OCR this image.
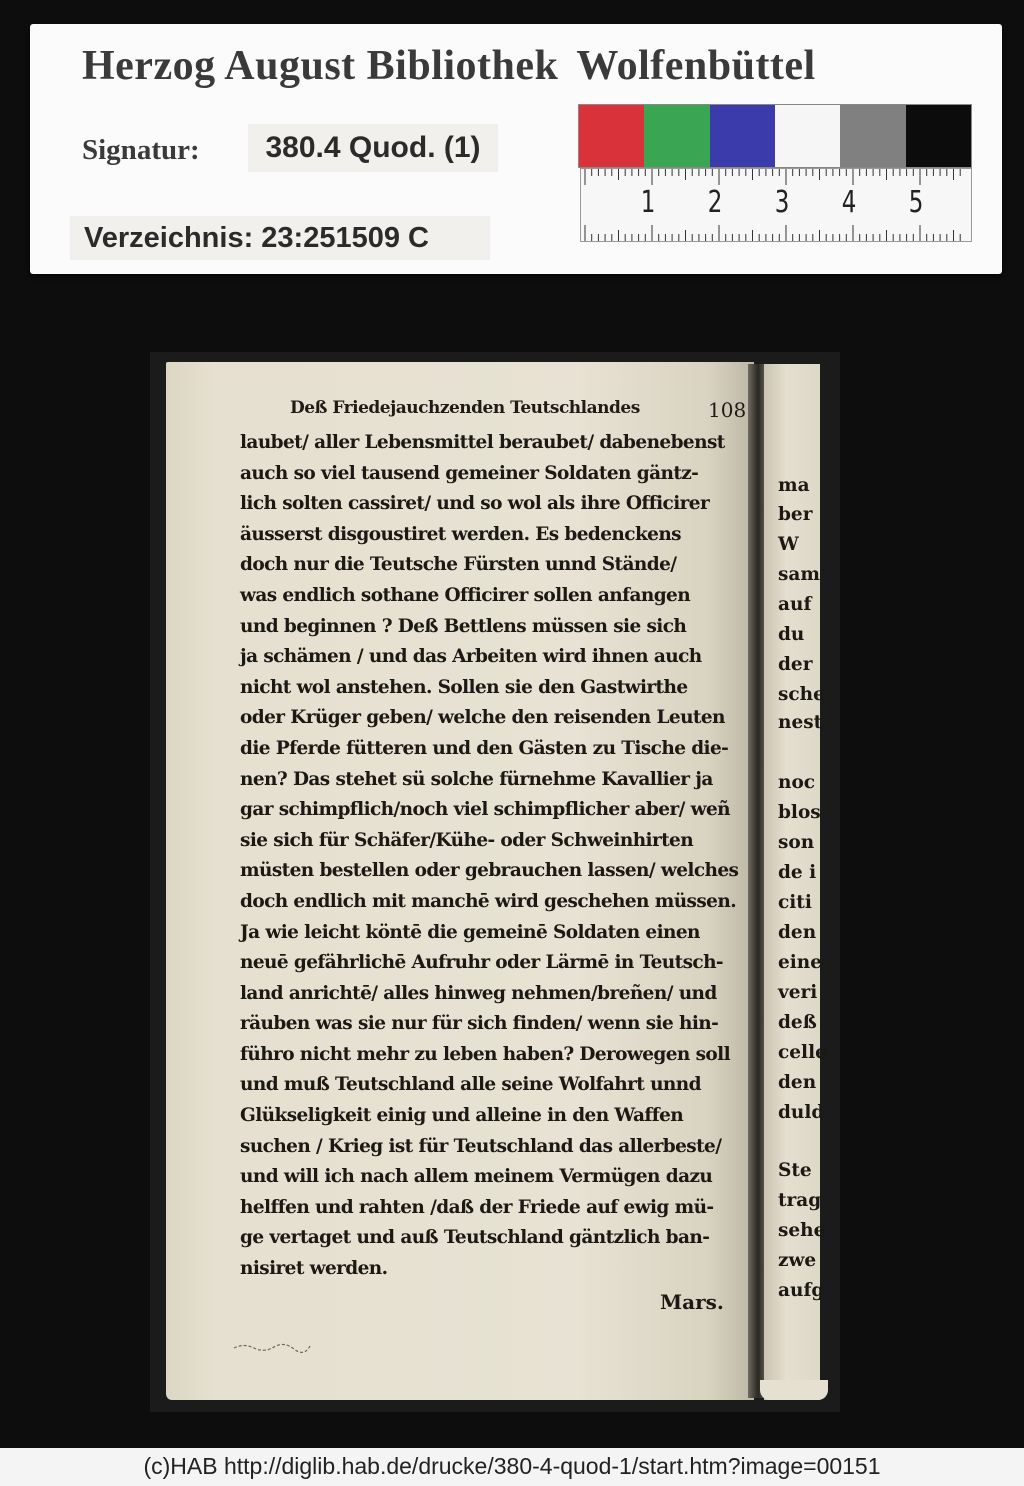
Herzog August Bibliothek Wolfenbüttel
Signatur:	380.4 Quod. (1)
Verzeichnis: 23:251509 C
1 2 3 4 5
Deß Friedejauchzenden Teutschlandes	108
laubet/ aller Lebensmittel beraubet/ dabenebenst
auch so viel tausend gemeiner Soldaten gäntz-
lich solten cassiret/ und so wol als ihre Officirer
äusserst disgoustiret werden. Es bedenckens
doch nur die Teutsche Fürsten unnd Stände/
was endlich sothane Officirer sollen anfangen
und beginnen ? Deß Bettlens müssen sie sich
ja schämen / und das Arbeiten wird ihnen auch
nicht wol anstehen. Sollen sie den Gastwirthe
oder Krüger geben/ welche den reisenden Leuten
die Pferde fütteren und den Gästen zu Tische die-
nen? Das stehet sü solche fürnehme Kavallier ja
gar schimpflich/noch viel schimpflicher aber/ weñ
sie sich für Schäfer/Kühe- oder Schweinhirten
müsten bestellen oder gebrauchen lassen/ welches
doch endlich mit manchē wird geschehen müssen.
Ja wie leicht köntē die gemeinē Soldaten einen
neuē gefährlichē Aufruhr oder Lärmē in Teutsch-
land anrichtē/ alles hinweg nehmen/breñen/ und
räuben was sie nur für sich finden/ wenn sie hin-
führo nicht mehr zu leben haben? Derowegen soll
und muß Teutschland alle seine Wolfahrt unnd
Glükseligkeit einig und alleine in den Waffen
suchen / Krieg ist für Teutschland das allerbeste/
und will ich nach allem meinem Vermügen dazu
helffen und rahten /daß der Friede auf ewig mü-
ge vertaget und auß Teutschland gäntzlich ban-
nisiret werden.
Mars.
ma
ber
W
sam
auf
du
der
sche
nest
noc
blos
son
de i
citi
den
eine
veri
deß
celle
den
duld
Ste
trag
sehe
zwe
aufg
(c)HAB http://diglib.hab.de/drucke/380-4-quod-1/start.htm?image=00151
